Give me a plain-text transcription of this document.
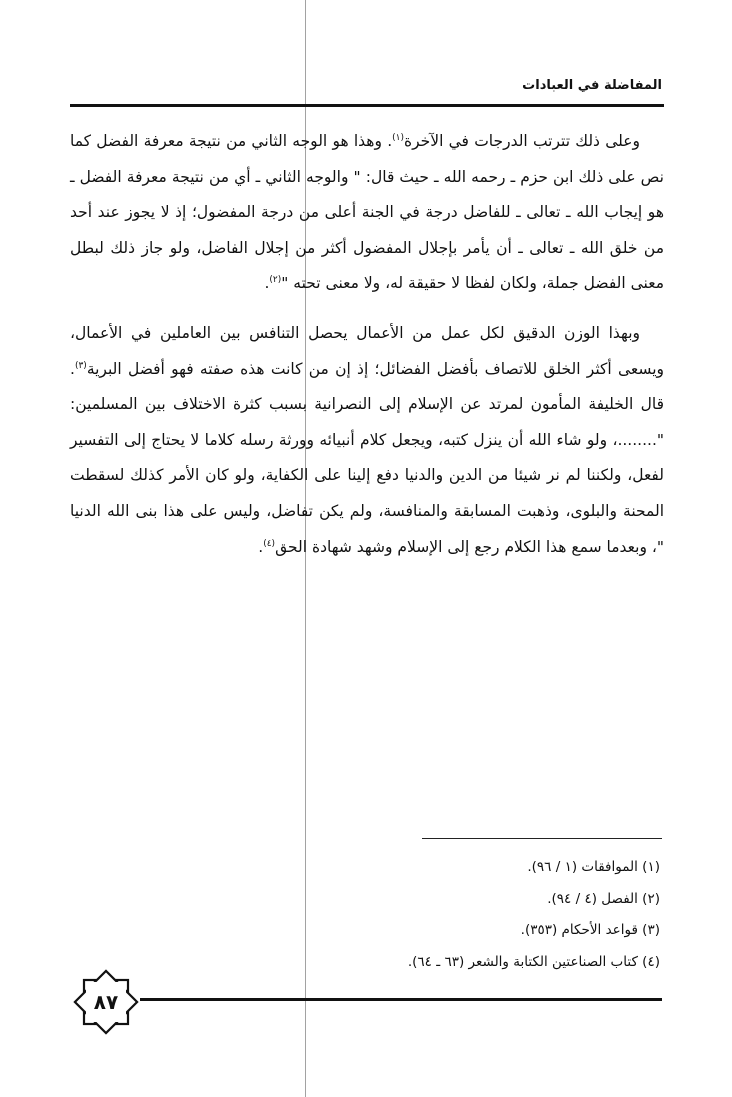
المفاضلة في العبادات

وعلى ذلك تترتب الدرجات في الآخرة$^{(١)}$. وهذا هو الوجه الثاني من نتيجة معرفة الفضل كما نص على ذلك ابن حزم ـ رحمه الله ـ حيث قال: " والوجه الثاني ـ أي من نتيجة معرفة الفضل ـ هو إيجاب الله ـ تعالى ـ للفاضل درجة في الجنة أعلى من درجة المفضول؛ إذ لا يجوز عند أحد من خلق الله ـ تعالى ـ أن يأمر بإجلال المفضول أكثر من إجلال الفاضل، ولو جاز ذلك لبطل معنى الفضل جملة، ولكان لفظا لا حقيقة له، ولا معنى تحته "$^{(٢)}$.

وبهذا الوزن الدقيق لكل عمل من الأعمال يحصل التنافس بين العاملين في الأعمال، ويسعى أكثر الخلق للاتصاف بأفضل الفضائل؛ إذ إن من كانت هذه صفته فهو أفضل البرية$^{(٣)}$. قال الخليفة المأمون لمرتد عن الإسلام إلى النصرانية بسبب كثرة الاختلاف بين المسلمين: "........، ولو شاء الله أن ينزل كتبه، ويجعل كلام أنبيائه وورثة رسله كلاما لا يحتاج إلى التفسير لفعل، ولكننا لم نر شيئا من الدين والدنيا دفع إلينا على الكفاية، ولو كان الأمر كذلك لسقطت المحنة والبلوى، وذهبت المسابقة والمنافسة، ولم يكن تفاضل، وليس على هذا بنى الله الدنيا "، وبعدما سمع هذا الكلام رجع إلى الإسلام وشهد شهادة الحق$^{(٤)}$.

(١) الموافقات (١ / ٩٦).
(٢) الفصل (٤ / ٩٤).
(٣) قواعد الأحكام (٣٥٣).
(٤) كتاب الصناعتين الكتابة والشعر (٦٣ ـ ٦٤).
٨٧
